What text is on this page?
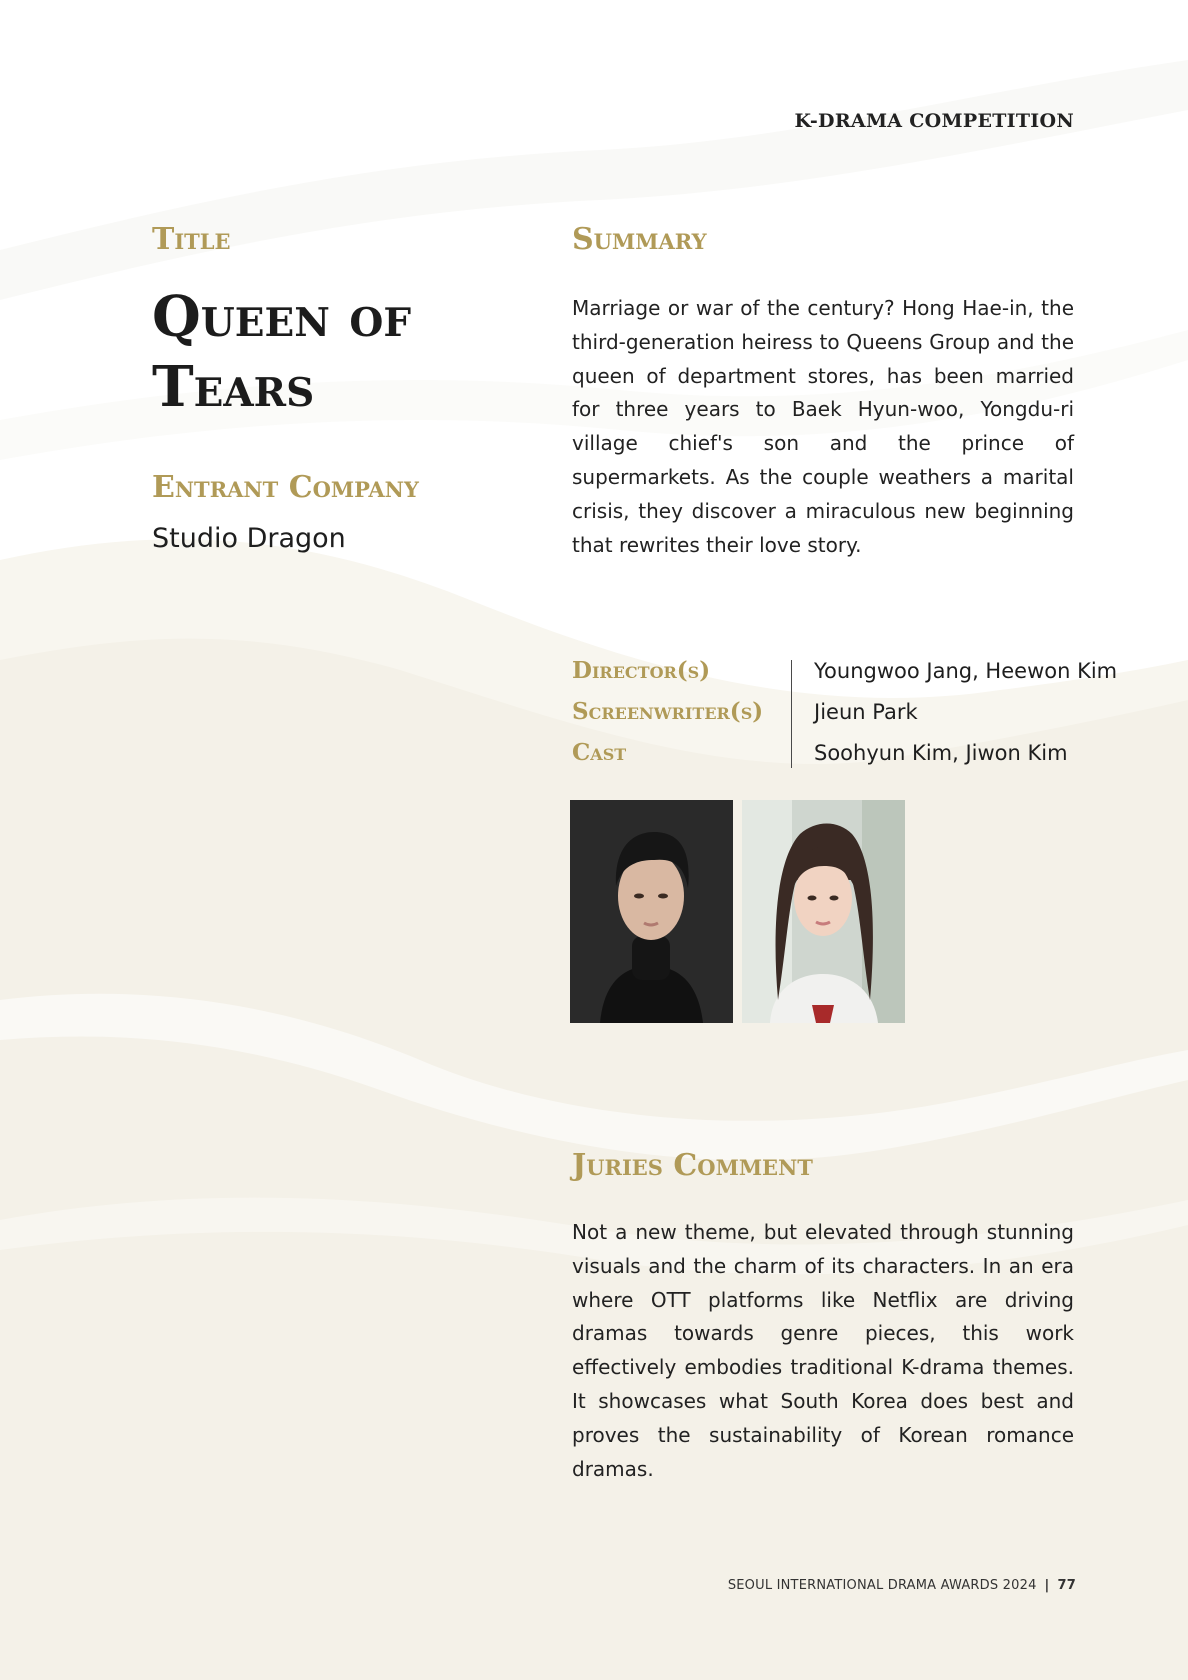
K-DRAMA COMPETITION
Title
Queen of Tears
Entrant Company
Studio Dragon
Summary

Marriage or war of the century? Hong Hae-in, the third-generation heiress to Queens Group and the queen of department stores, has been married for three years to Baek Hyun-woo, Yongdu-ri village chief's son and the prince of supermarkets. As the couple weathers a marital crisis, they discover a miraculous new beginning that rewrites their love story.

Director(s)
Screenwriter(s)
Cast
Youngwoo Jang, Heewon Kim
Jieun Park
Soohyun Kim, Jiwon Kim
Juries Comment

Not a new theme, but elevated through stunning visuals and the charm of its characters. In an era where OTT platforms like Netflix are driving dramas towards genre pieces, this work effectively embodies traditional K-drama themes. It showcases what South Korea does best and proves the sustainability of Korean romance dramas.

SEOUL INTERNATIONAL DRAMA AWARDS 2024 | 77
